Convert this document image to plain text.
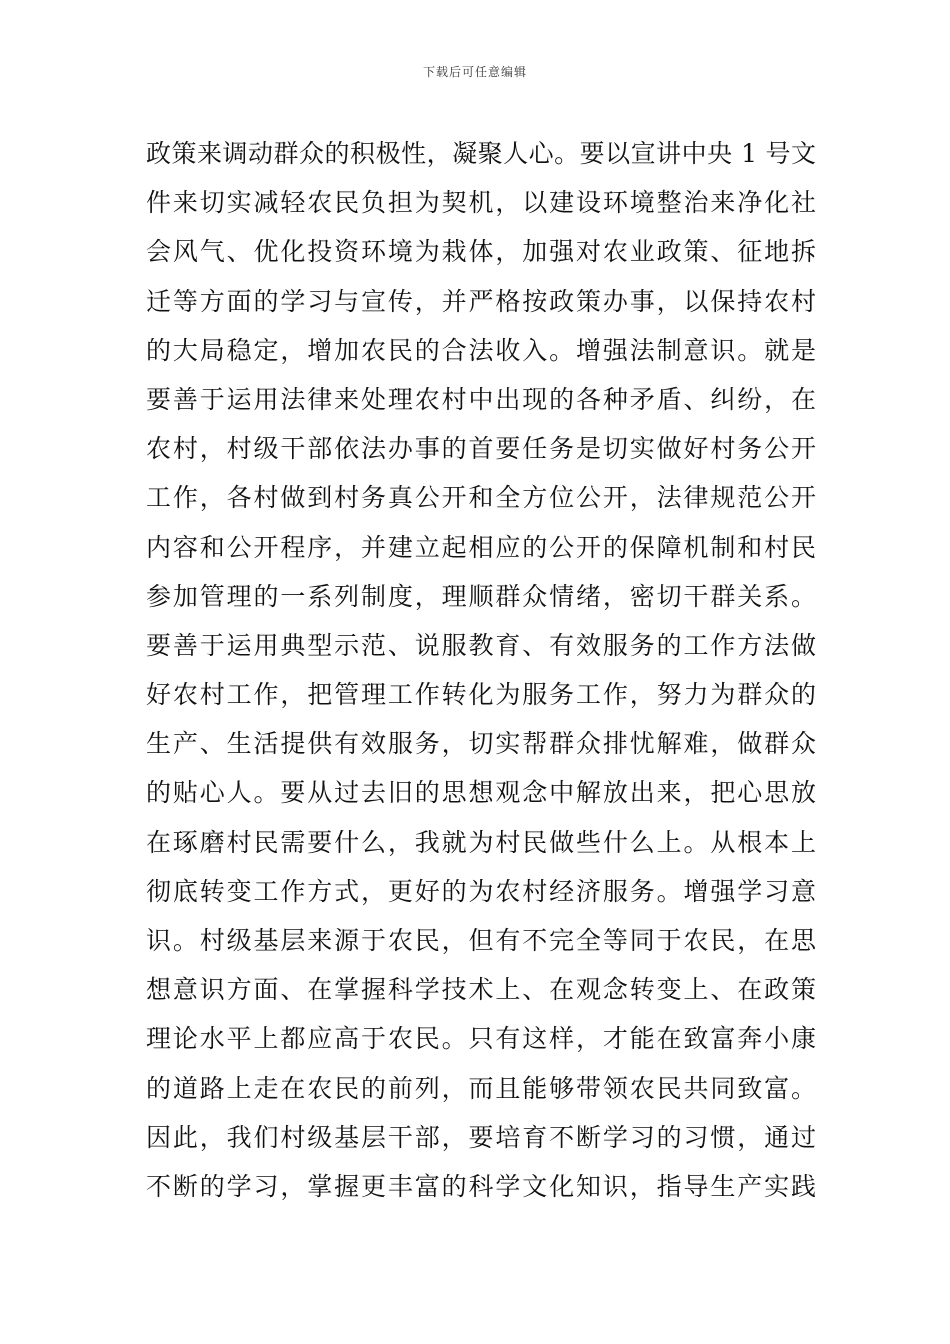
下载后可任意编辑
政策来调动群众的积极性，凝聚人心。要以宣讲中央 1 号文
件来切实减轻农民负担为契机，以建设环境整治来净化社
会风气、优化投资环境为栽体，加强对农业政策、征地拆
迁等方面的学习与宣传，并严格按政策办事，以保持农村
的大局稳定，增加农民的合法收入。增强法制意识。就是
要善于运用法律来处理农村中出现的各种矛盾、纠纷，在
农村，村级干部依法办事的首要任务是切实做好村务公开
工作，各村做到村务真公开和全方位公开，法律规范公开
内容和公开程序，并建立起相应的公开的保障机制和村民
参加管理的一系列制度，理顺群众情绪，密切干群关系。
要善于运用典型示范、说服教育、有效服务的工作方法做
好农村工作，把管理工作转化为服务工作，努力为群众的
生产、生活提供有效服务，切实帮群众排忧解难，做群众
的贴心人。要从过去旧的思想观念中解放出来，把心思放
在琢磨村民需要什么，我就为村民做些什么上。从根本上
彻底转变工作方式，更好的为农村经济服务。增强学习意
识。村级基层来源于农民，但有不完全等同于农民，在思
想意识方面、在掌握科学技术上、在观念转变上、在政策
理论水平上都应高于农民。只有这样，才能在致富奔小康
的道路上走在农民的前列，而且能够带领农民共同致富。
因此，我们村级基层干部，要培育不断学习的习惯，通过
不断的学习，掌握更丰富的科学文化知识，指导生产实践
